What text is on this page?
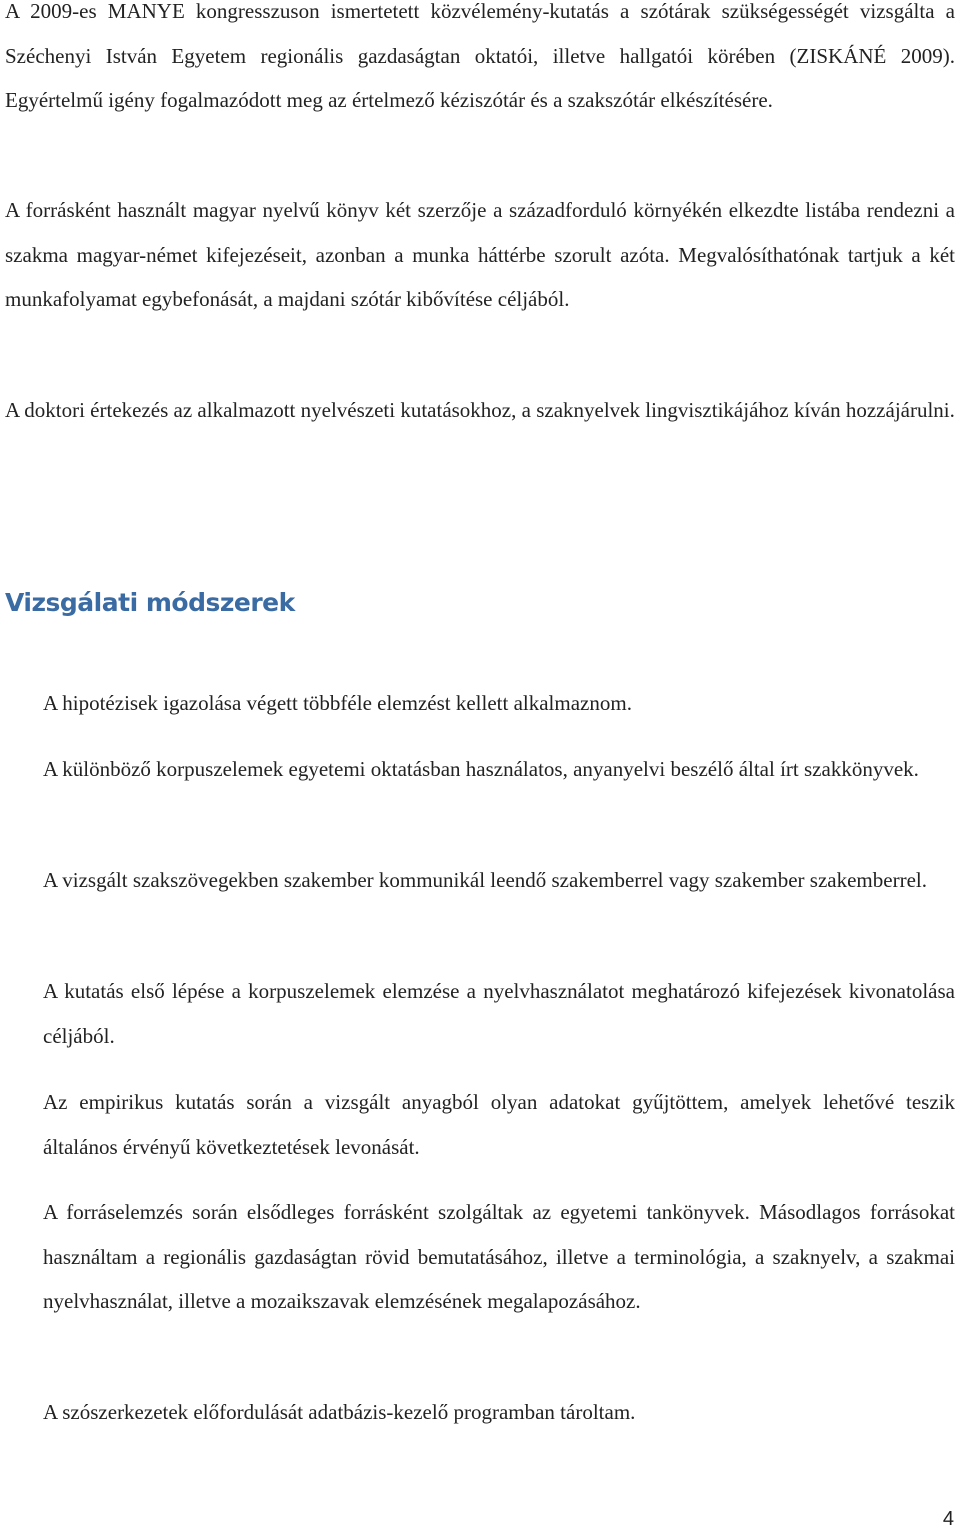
A 2009-es MANYE kongresszuson ismertetett közvélemény-kutatás a szótárak szükségességét vizsgálta a Széchenyi István Egyetem regionális gazdaságtan oktatói, illetve hallgatói körében (ZISKÁNÉ 2009). Egyértelmű igény fogalmazódott meg az értelmező kéziszótár és a szakszótár elkészítésére.

A forrásként használt magyar nyelvű könyv két szerzője a századforduló környékén elkezdte listába rendezni a szakma magyar-német kifejezéseit, azonban a munka háttérbe szorult azóta. Megvalósíthatónak tartjuk a két munkafolyamat egybefonását, a majdani szótár kibővítése céljából.

A doktori értekezés az alkalmazott nyelvészeti kutatásokhoz, a szaknyelvek lingvisztikájához kíván hozzájárulni.

Vizsgálati módszerek

A hipotézisek igazolása végett többféle elemzést kellett alkalmaznom.

A különböző korpuszelemek egyetemi oktatásban használatos, anyanyelvi beszélő által írt szakkönyvek.

A vizsgált szakszövegekben szakember kommunikál leendő szakemberrel vagy szakember szakemberrel.

A kutatás első lépése a korpuszelemek elemzése a nyelvhasználatot meghatározó kifejezések kivonatolása céljából.

Az empirikus kutatás során a vizsgált anyagból olyan adatokat gyűjtöttem, amelyek lehetővé teszik általános érvényű következtetések levonását.

A forráselemzés során elsődleges forrásként szolgáltak az egyetemi tankönyvek. Másodlagos forrásokat használtam a regionális gazdaságtan rövid bemutatásához, illetve a terminológia, a szaknyelv, a szakmai nyelvhasználat, illetve a mozaikszavak elemzésének megalapozásához.

A szószerkezetek előfordulását adatbázis-kezelő programban tároltam.

4
